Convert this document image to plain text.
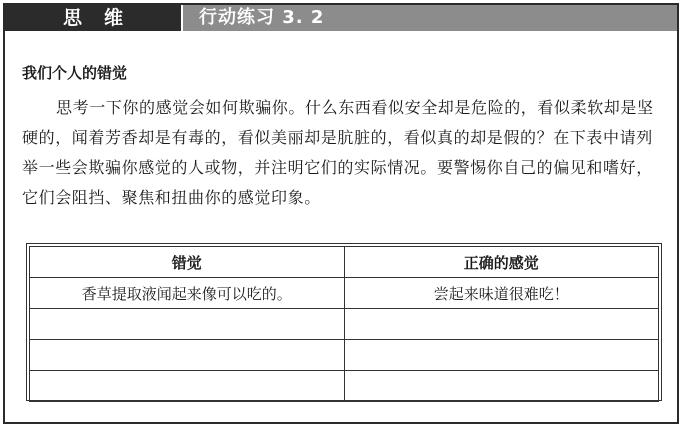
思维	行动练习 3. 2
我们个人的错觉

思考一下你的感觉会如何欺骗你。什么东西看似安全却是危险的，看似柔软却是坚硬的，闻着芳香却是有毒的，看似美丽却是肮脏的，看似真的却是假的？在下表中请列举一些会欺骗你感觉的人或物，并注明它们的实际情况。要警惕你自己的偏见和嗜好，它们会阻挡、聚焦和扭曲你的感觉印象。

错觉	正确的感觉
香草提取液闻起来像可以吃的。	尝起来味道很难吃！
